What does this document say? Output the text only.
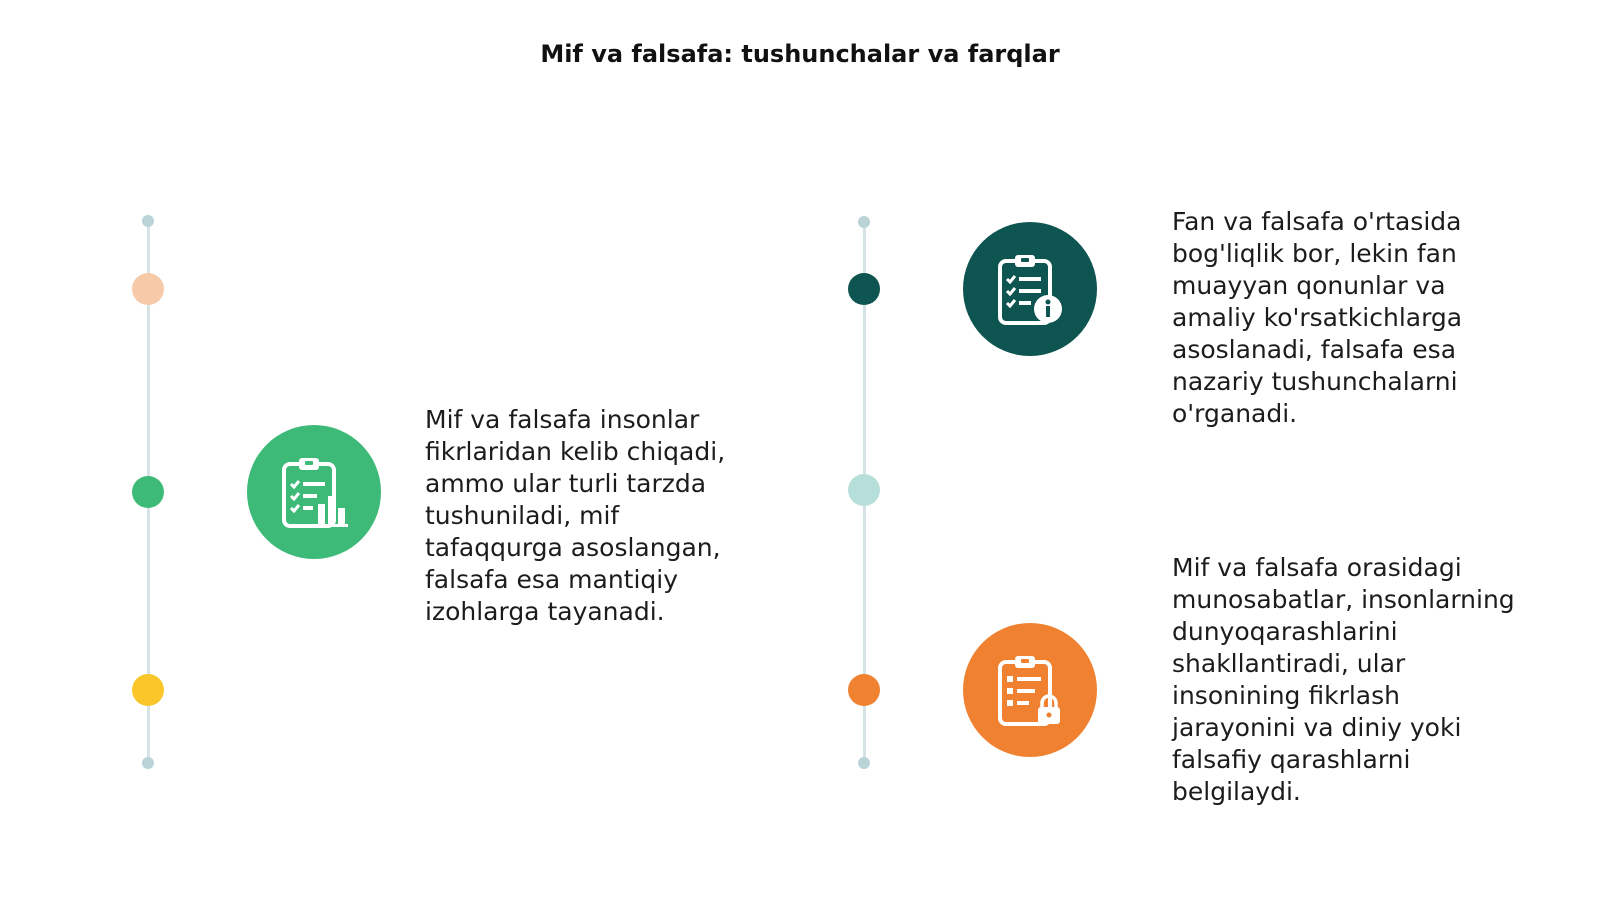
Mif va falsafa: tushunchalar va farqlar
Mif va falsafa insonlar
fikrlaridan kelib chiqadi,
ammo ular turli tarzda
tushuniladi, mif
tafaqqurga asoslangan,
falsafa esa mantiqiy
izohlarga tayanadi.
Fan va falsafa o'rtasida
bog'liqlik bor, lekin fan
muayyan qonunlar va
amaliy ko'rsatkichlarga
asoslanadi, falsafa esa
nazariy tushunchalarni
o'rganadi.
Mif va falsafa orasidagi
munosabatlar, insonlarning
dunyoqarashlarini
shakllantiradi, ular
insonining fikrlash
jarayonini va diniy yoki
falsafiy qarashlarni
belgilaydi.
